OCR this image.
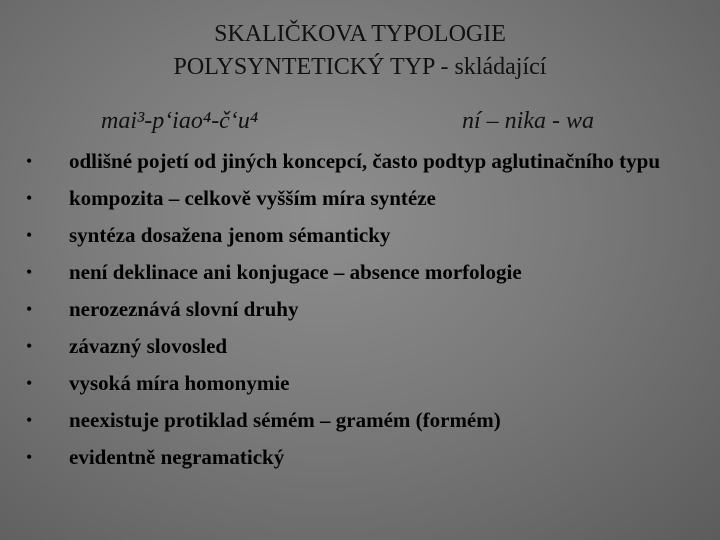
SKALIČKOVA TYPOLOGIE
POLYSYNTETICKÝ TYP - skládající
mai³-p‘iao⁴-č‘u⁴	ní – nika - wa
• odlišné pojetí od jiných koncepcí, často podtyp aglutinačního typu
• kompozita – celkově vyšším míra syntéze
• syntéza dosažena jenom sémanticky
• není deklinace ani konjugace – absence morfologie
• nerozeznává slovní druhy
• závazný slovosled
• vysoká míra homonymie
• neexistuje protiklad sémém – gramém (formém)
• evidentně negramatický
